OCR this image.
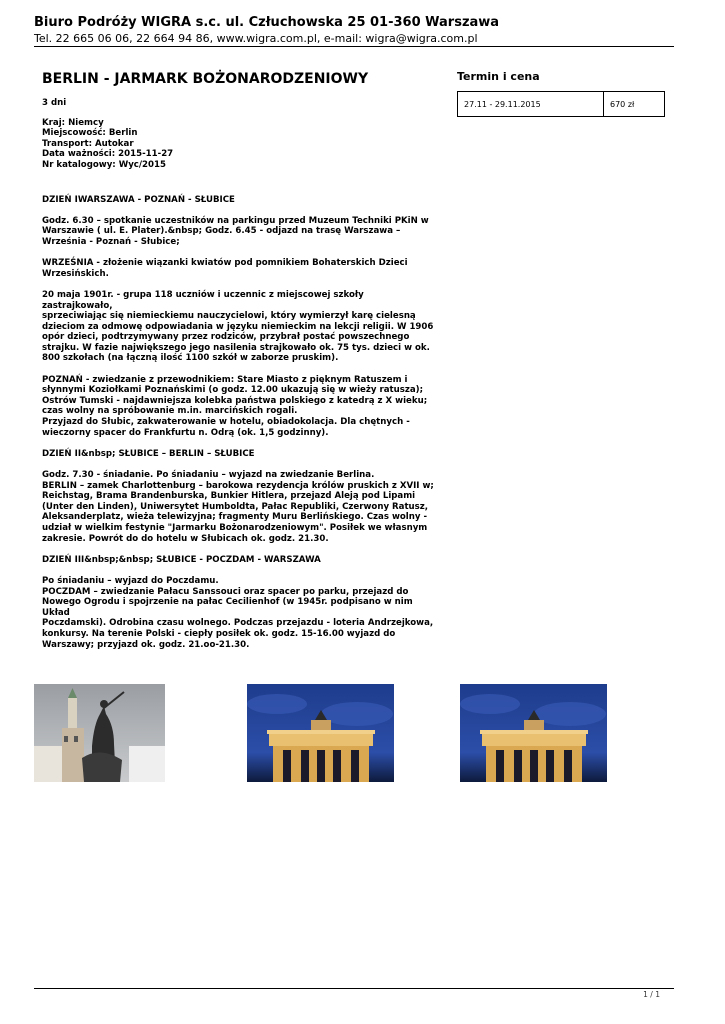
Biuro Podróży WIGRA s.c. ul. Człuchowska 25 01-360 Warszawa
Tel. 22 665 06 06, 22 664 94 86, www.wigra.com.pl, e-mail: wigra@wigra.com.pl
BERLIN - JARMARK BOŻONARODZENIOWY
3 dni
Kraj: Niemcy
Miejscowość: Berlin
Transport: Autokar
Data ważności: 2015-11-27
Nr katalogowy: Wyc/2015
DZIEŃ IWARSZAWA - POZNAŃ - SŁUBICE
Godz. 6.30 – spotkanie uczestników na parkingu przed Muzeum Techniki PKiN w
Warszawie ( ul. E. Plater).&nbsp; Godz. 6.45 - odjazd na trasę Warszawa –
Września - Poznań - Słubice;
WRZEŚNIA - złożenie wiązanki kwiatów pod pomnikiem Bohaterskich Dzieci
Wrzesińskich.
20 maja 1901r. - grupa 118 uczniów i uczennic z miejscowej szkoły zastrajkowało,
sprzeciwiając się niemieckiemu nauczycielowi, który wymierzył karę cielesną
dzieciom za odmowę odpowiadania w języku niemieckim na lekcji religii. W 1906
opór dzieci, podtrzymywany przez rodziców, przybrał postać powszechnego
strajku. W fazie największego jego nasilenia strajkowało ok. 75 tys. dzieci w ok.
800 szkołach (na łączną ilość 1100 szkół w zaborze pruskim).
POZNAŃ - zwiedzanie z przewodnikiem: Stare Miasto z pięknym Ratuszem i
słynnymi Koziołkami Poznańskimi (o godz. 12.00 ukazują się w wieży ratusza);
Ostrów Tumski - najdawniejsza kolebka państwa polskiego z katedrą z X wieku;
czas wolny na spróbowanie m.in. marcińskich rogali.
Przyjazd do Słubic, zakwaterowanie w hotelu, obiadokolacja. Dla chętnych -
wieczorny spacer do Frankfurtu n. Odrą (ok. 1,5 godzinny).
DZIEŃ II&nbsp; SŁUBICE – BERLIN – SŁUBICE
Godz. 7.30 - śniadanie. Po śniadaniu – wyjazd na zwiedzanie Berlina.
BERLIN – zamek Charlottenburg – barokowa rezydencja królów pruskich z XVII w;
Reichstag, Brama Brandenburska, Bunkier Hitlera, przejazd Aleją pod Lipami
(Unter den Linden), Uniwersytet Humboldta, Pałac Republiki, Czerwony Ratusz,
Aleksanderplatz, wieża telewizyjna; fragmenty Muru Berlińskiego. Czas wolny -
udział w wielkim festynie "Jarmarku Bożonarodzeniowym". Posiłek we własnym
zakresie. Powrót do do hotelu w Słubicach ok. godz. 21.30.
DZIEŃ III&nbsp;&nbsp; SŁUBICE - POCZDAM - WARSZAWA
Po śniadaniu – wyjazd do Poczdamu.
POCZDAM – zwiedzanie Pałacu Sanssouci oraz spacer po parku, przejazd do
Nowego Ogrodu i spojrzenie na pałac Cecilienhof (w 1945r. podpisano w nim Układ
Poczdamski). Odrobina czasu wolnego. Podczas przejazdu - loteria Andrzejkowa,
konkursy. Na terenie Polski - ciepły posiłek ok. godz. 15-16.00 wyjazd do
Warszawy; przyjazd ok. godz. 21.oo-21.30.
Termin i cena
27.11 - 29.11.2015	670 zł
1 / 1
